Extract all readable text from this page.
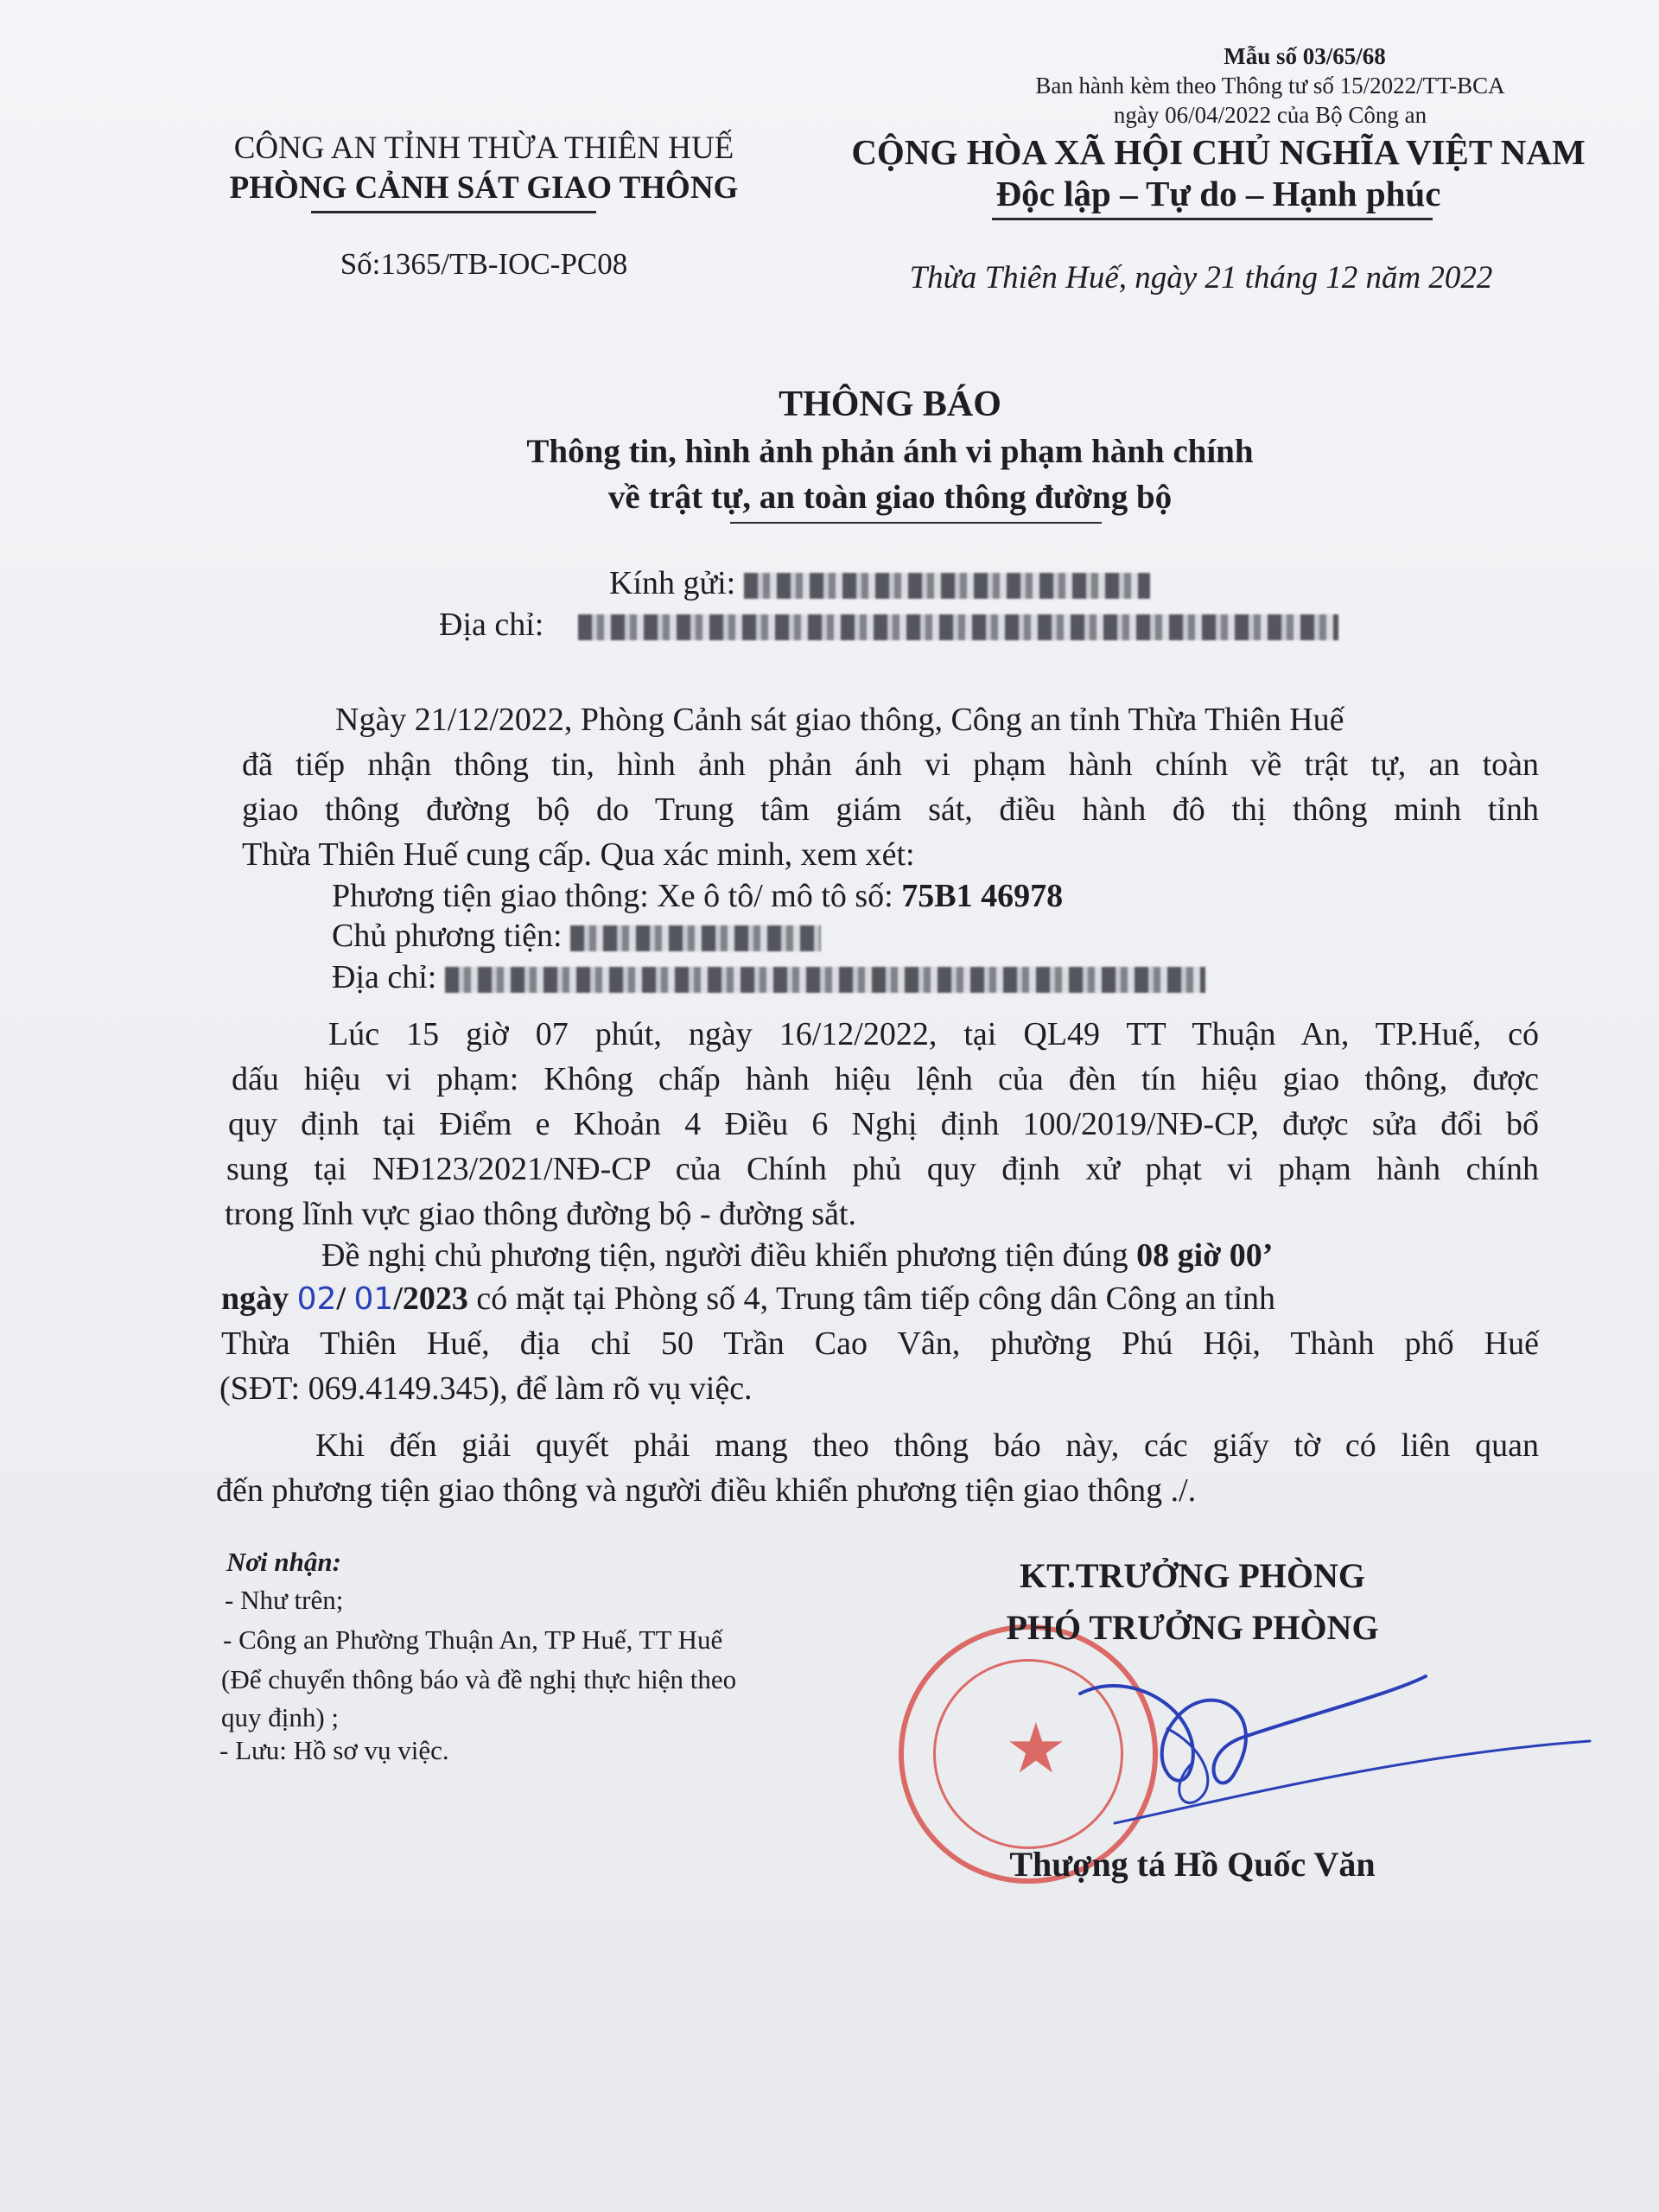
Mẫu số 03/65/68
Ban hành kèm theo Thông tư số 15/2022/TT-BCA
ngày 06/04/2022 của Bộ Công an
CÔNG AN TỈNH THỪA THIÊN HUẾ
PHÒNG CẢNH SÁT GIAO THÔNG
Số:1365/TB-IOC-PC08
CỘNG HÒA XÃ HỘI CHỦ NGHĨA VIỆT NAM
Độc lập – Tự do – Hạnh phúc
Thừa Thiên Huế, ngày 21 tháng 12 năm 2022
THÔNG BÁO
Thông tin, hình ảnh phản ánh vi phạm hành chính
về trật tự, an toàn giao thông đường bộ
Kính gửi:
Địa chỉ:
Ngày 21/12/2022, Phòng Cảnh sát giao thông, Công an tỉnh Thừa Thiên Huế
đã tiếp nhận thông tin, hình ảnh phản ánh vi phạm hành chính về trật tự, an toàn
giao thông đường bộ do Trung tâm giám sát, điều hành đô thị thông minh tỉnh
Thừa Thiên Huế cung cấp. Qua xác minh, xem xét:
Phương tiện giao thông: Xe ô tô/ mô tô số: 75B1 46978
Chủ phương tiện:
Địa chỉ:
Lúc 15 giờ 07 phút, ngày 16/12/2022, tại QL49 TT Thuận An, TP.Huế, có
dấu hiệu vi phạm: Không chấp hành hiệu lệnh của đèn tín hiệu giao thông, được
quy định tại Điểm e Khoản 4 Điều 6 Nghị định 100/2019/NĐ-CP, được sửa đổi bổ
sung tại NĐ123/2021/NĐ-CP của Chính phủ quy định xử phạt vi phạm hành chính
trong lĩnh vực giao thông đường bộ - đường sắt.
Đề nghị chủ phương tiện, người điều khiển phương tiện đúng 08 giờ 00’
ngày 02/ 01/2023 có mặt tại Phòng số 4, Trung tâm tiếp công dân Công an tỉnh
Thừa Thiên Huế, địa chỉ 50 Trần Cao Vân, phường Phú Hội, Thành phố Huế
(SĐT: 069.4149.345), để làm rõ vụ việc.
Khi đến giải quyết phải mang theo thông báo này, các giấy tờ có liên quan
đến phương tiện giao thông và người điều khiển phương tiện giao thông ./.
Nơi nhận:
- Như trên;
- Công an Phường Thuận An, TP Huế, TT Huế
(Để chuyển thông báo và đề nghị thực hiện theo
quy định) ;
- Lưu: Hồ sơ vụ việc.	★
KT.TRƯỞNG PHÒNG
PHÓ TRƯỞNG PHÒNG
Thượng tá Hồ Quốc Văn
